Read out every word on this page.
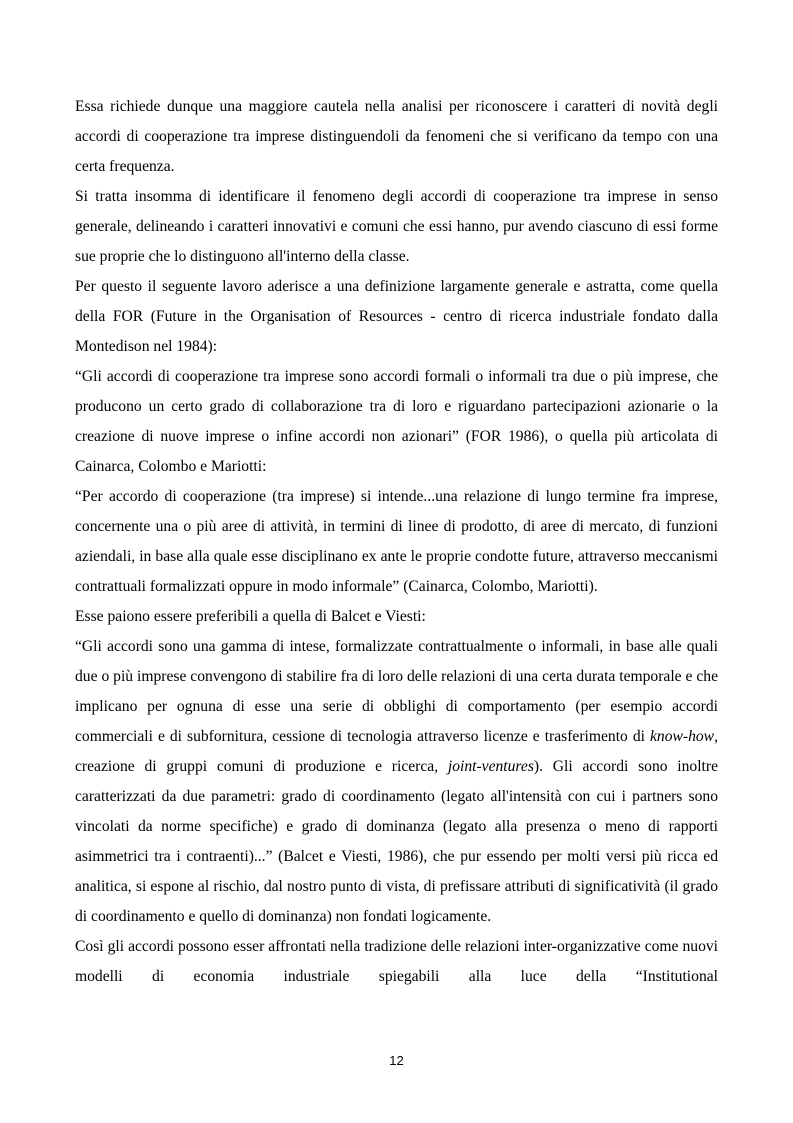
Essa richiede dunque una maggiore cautela nella analisi per riconoscere i caratteri di novità degli accordi di cooperazione tra imprese distinguendoli da fenomeni che si verificano da tempo con una certa frequenza.

Si tratta insomma di identificare il fenomeno degli accordi di cooperazione tra imprese in senso generale, delineando i caratteri innovativi e comuni che essi hanno, pur avendo ciascuno di essi forme sue proprie che lo distinguono all'interno della classe.

Per questo il seguente lavoro aderisce a una definizione largamente generale e astratta, come quella della FOR (Future in the Organisation of Resources - centro di ricerca industriale fondato dalla Montedison nel 1984):

“Gli accordi di cooperazione tra imprese sono accordi formali o informali tra due o più imprese, che producono un certo grado di collaborazione tra di loro e riguardano partecipazioni azionarie o la creazione di nuove imprese o infine accordi non azionari” (FOR 1986), o quella più articolata di Cainarca, Colombo e Mariotti:

“Per accordo di cooperazione (tra imprese) si intende...una relazione di lungo termine fra imprese, concernente una o più aree di attività, in termini di linee di prodotto, di aree di mercato, di funzioni aziendali, in base alla quale esse disciplinano ex ante le proprie condotte future, attraverso meccanismi contrattuali formalizzati oppure in modo informale” (Cainarca, Colombo, Mariotti).

Esse paiono essere preferibili a quella di Balcet e Viesti:

“Gli accordi sono una gamma di intese, formalizzate contrattualmente o informali, in base alle quali due o più imprese convengono di stabilire fra di loro delle relazioni di una certa durata temporale e che implicano per ognuna di esse una serie di obblighi di comportamento (per esempio accordi commerciali e di subfornitura, cessione di tecnologia attraverso licenze e trasferimento di know-how, creazione di gruppi comuni di produzione e ricerca, joint-ventures). Gli accordi sono inoltre caratterizzati da due parametri: grado di coordinamento (legato all'intensità con cui i partners sono vincolati da norme specifiche) e grado di dominanza (legato alla presenza o meno di rapporti asimmetrici tra i contraenti)...” (Balcet e Viesti, 1986), che pur essendo per molti versi più ricca ed analitica, si espone al rischio, dal nostro punto di vista, di prefissare attributi di significatività (il grado di coordinamento e quello di dominanza) non fondati logicamente.

Così gli accordi possono esser affrontati nella tradizione delle relazioni inter-organizzative come nuovi modelli di economia industriale spiegabili alla luce della “Institutional

12
